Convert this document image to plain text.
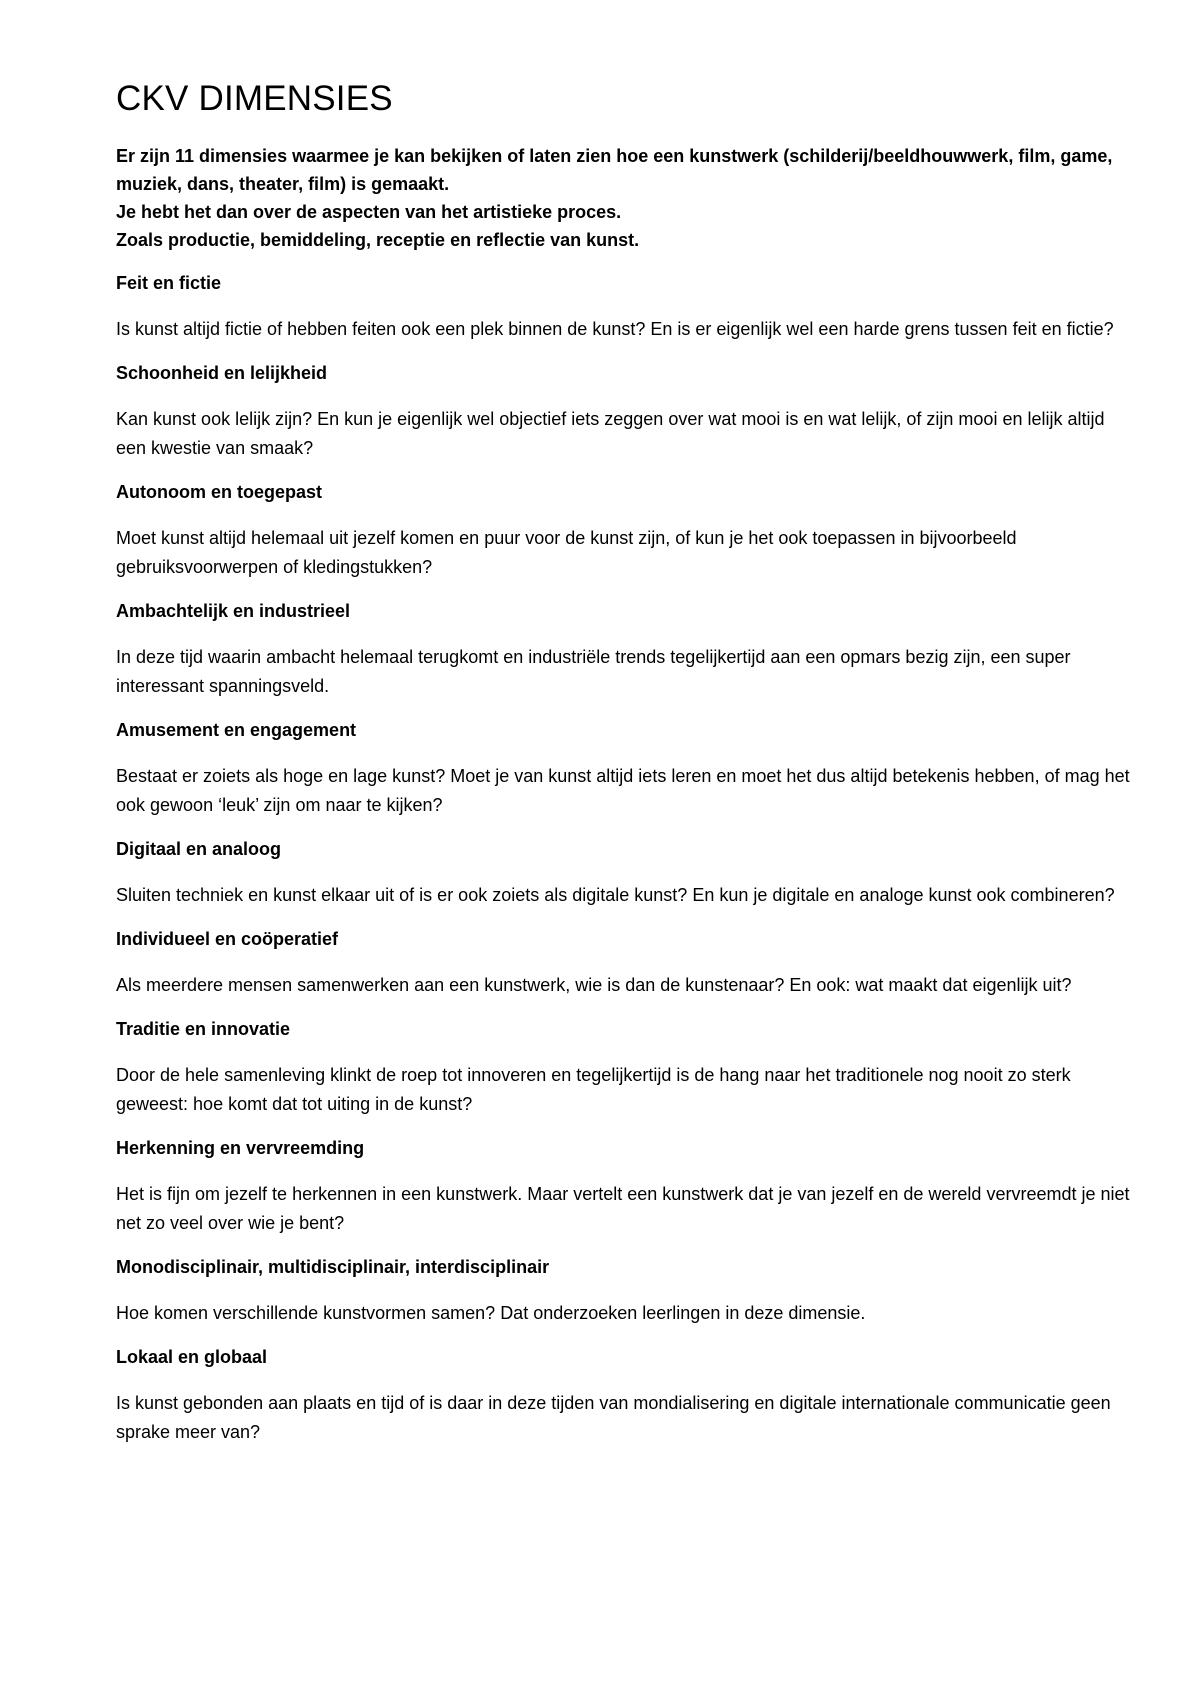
CKV DIMENSIES

Er zijn 11 dimensies waarmee je kan bekijken of laten zien hoe een kunstwerk (schilderij/beeldhouwwerk, film, game, muziek, dans, theater, film) is gemaakt.
Je hebt het dan over de aspecten van het artistieke proces.
Zoals productie, bemiddeling, receptie en reflectie van kunst.

Feit en fictie

Is kunst altijd fictie of hebben feiten ook een plek binnen de kunst? En is er eigenlijk wel een harde grens tussen feit en fictie?

Schoonheid en lelijkheid

Kan kunst ook lelijk zijn? En kun je eigenlijk wel objectief iets zeggen over wat mooi is en wat lelijk, of zijn mooi en lelijk altijd een kwestie van smaak?

Autonoom en toegepast

Moet kunst altijd helemaal uit jezelf komen en puur voor de kunst zijn, of kun je het ook toepassen in bijvoorbeeld gebruiksvoorwerpen of kledingstukken?

Ambachtelijk en industrieel

In deze tijd waarin ambacht helemaal terugkomt en industriële trends tegelijkertijd aan een opmars bezig zijn, een super interessant spanningsveld.

Amusement en engagement

Bestaat er zoiets als hoge en lage kunst? Moet je van kunst altijd iets leren en moet het dus altijd betekenis hebben, of mag het ook gewoon ‘leuk’ zijn om naar te kijken?

Digitaal en analoog

Sluiten techniek en kunst elkaar uit of is er ook zoiets als digitale kunst? En kun je digitale en analoge kunst ook combineren?

Individueel en coöperatief

Als meerdere mensen samenwerken aan een kunstwerk, wie is dan de kunstenaar? En ook: wat maakt dat eigenlijk uit?

Traditie en innovatie

Door de hele samenleving klinkt de roep tot innoveren en tegelijkertijd is de hang naar het traditionele nog nooit zo sterk geweest: hoe komt dat tot uiting in de kunst?

Herkenning en vervreemding

Het is fijn om jezelf te herkennen in een kunstwerk. Maar vertelt een kunstwerk dat je van jezelf en de wereld vervreemdt je niet net zo veel over wie je bent?

Monodisciplinair, multidisciplinair, interdisciplinair

Hoe komen verschillende kunstvormen samen? Dat onderzoeken leerlingen in deze dimensie.

Lokaal en globaal

Is kunst gebonden aan plaats en tijd of is daar in deze tijden van mondialisering en digitale internationale communicatie geen sprake meer van?
